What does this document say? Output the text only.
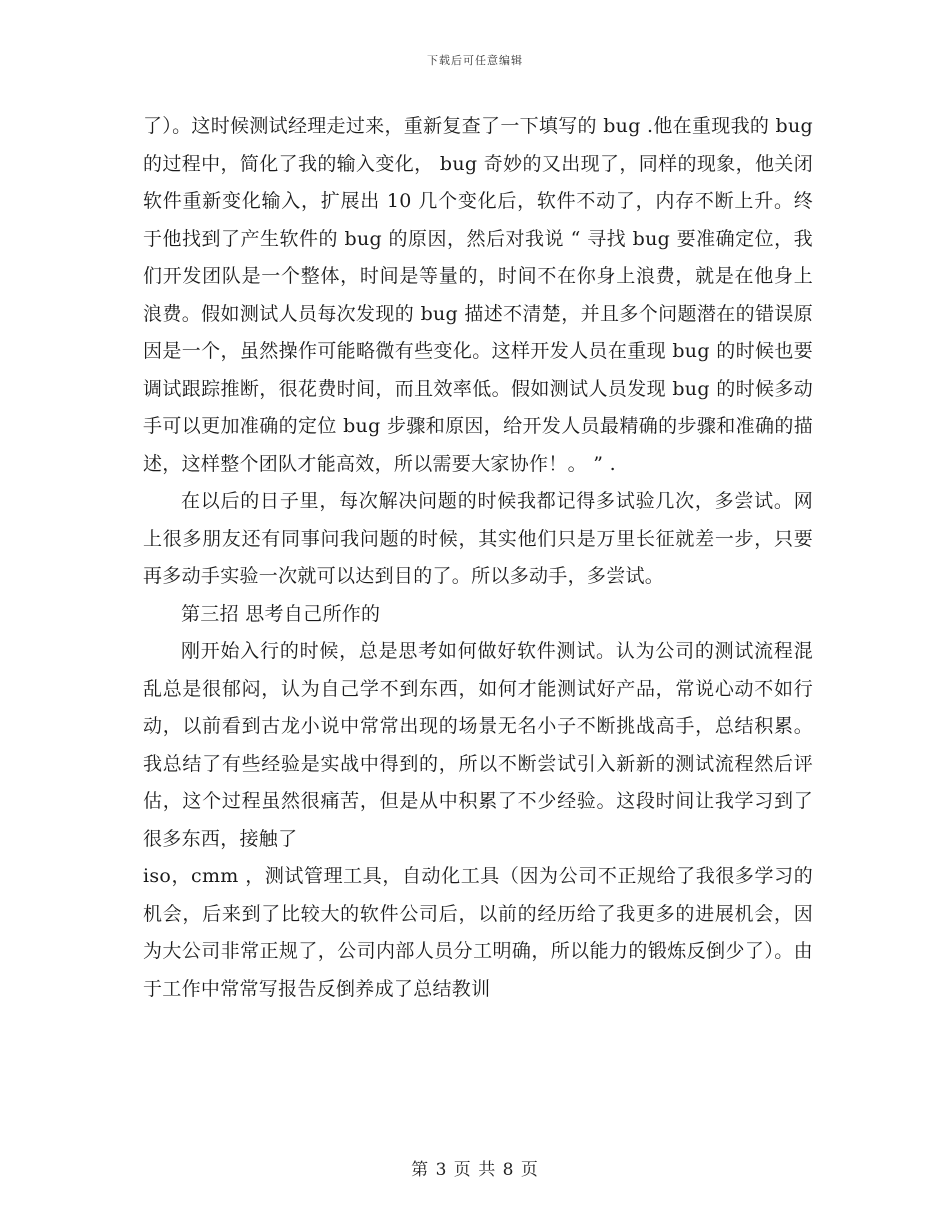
下载后可任意编辑

了）。这时候测试经理走过来，重新复查了一下填写的 bug .他在重现我的 bug 的过程中，简化了我的输入变化， bug 奇妙的又出现了，同样的现象，他关闭软件重新变化输入，扩展出 10 几个变化后，软件不动了，内存不断上升。终于他找到了产生软件的 bug 的原因，然后对我说 “ 寻找 bug 要准确定位，我们开发团队是一个整体，时间是等量的，时间不在你身上浪费，就是在他身上浪费。假如测试人员每次发现的 bug 描述不清楚，并且多个问题潜在的错误原因是一个，虽然操作可能略微有些变化。这样开发人员在重现 bug 的时候也要调试跟踪推断，很花费时间，而且效率低。假如测试人员发现 bug 的时候多动手可以更加准确的定位 bug 步骤和原因，给开发人员最精确的步骤和准确的描述，这样整个团队才能高效，所以需要大家协作！。 ” .

在以后的日子里，每次解决问题的时候我都记得多试验几次，多尝试。网上很多朋友还有同事问我问题的时候，其实他们只是万里长征就差一步，只要再多动手实验一次就可以达到目的了。所以多动手，多尝试。

第三招 思考自己所作的

刚开始入行的时候，总是思考如何做好软件测试。认为公司的测试流程混乱总是很郁闷，认为自己学不到东西，如何才能测试好产品，常说心动不如行动，以前看到古龙小说中常常出现的场景无名小子不断挑战高手，总结积累。我总结了有些经验是实战中得到的，所以不断尝试引入新新的测试流程然后评估，这个过程虽然很痛苦，但是从中积累了不少经验。这段时间让我学习到了很多东西，接触了

iso，cmm ，测试管理工具，自动化工具（因为公司不正规给了我很多学习的机会，后来到了比较大的软件公司后，以前的经历给了我更多的进展机会，因为大公司非常正规了，公司内部人员分工明确，所以能力的锻炼反倒少了）。由于工作中常常写报告反倒养成了总结教训

第 3 页 共 8 页
